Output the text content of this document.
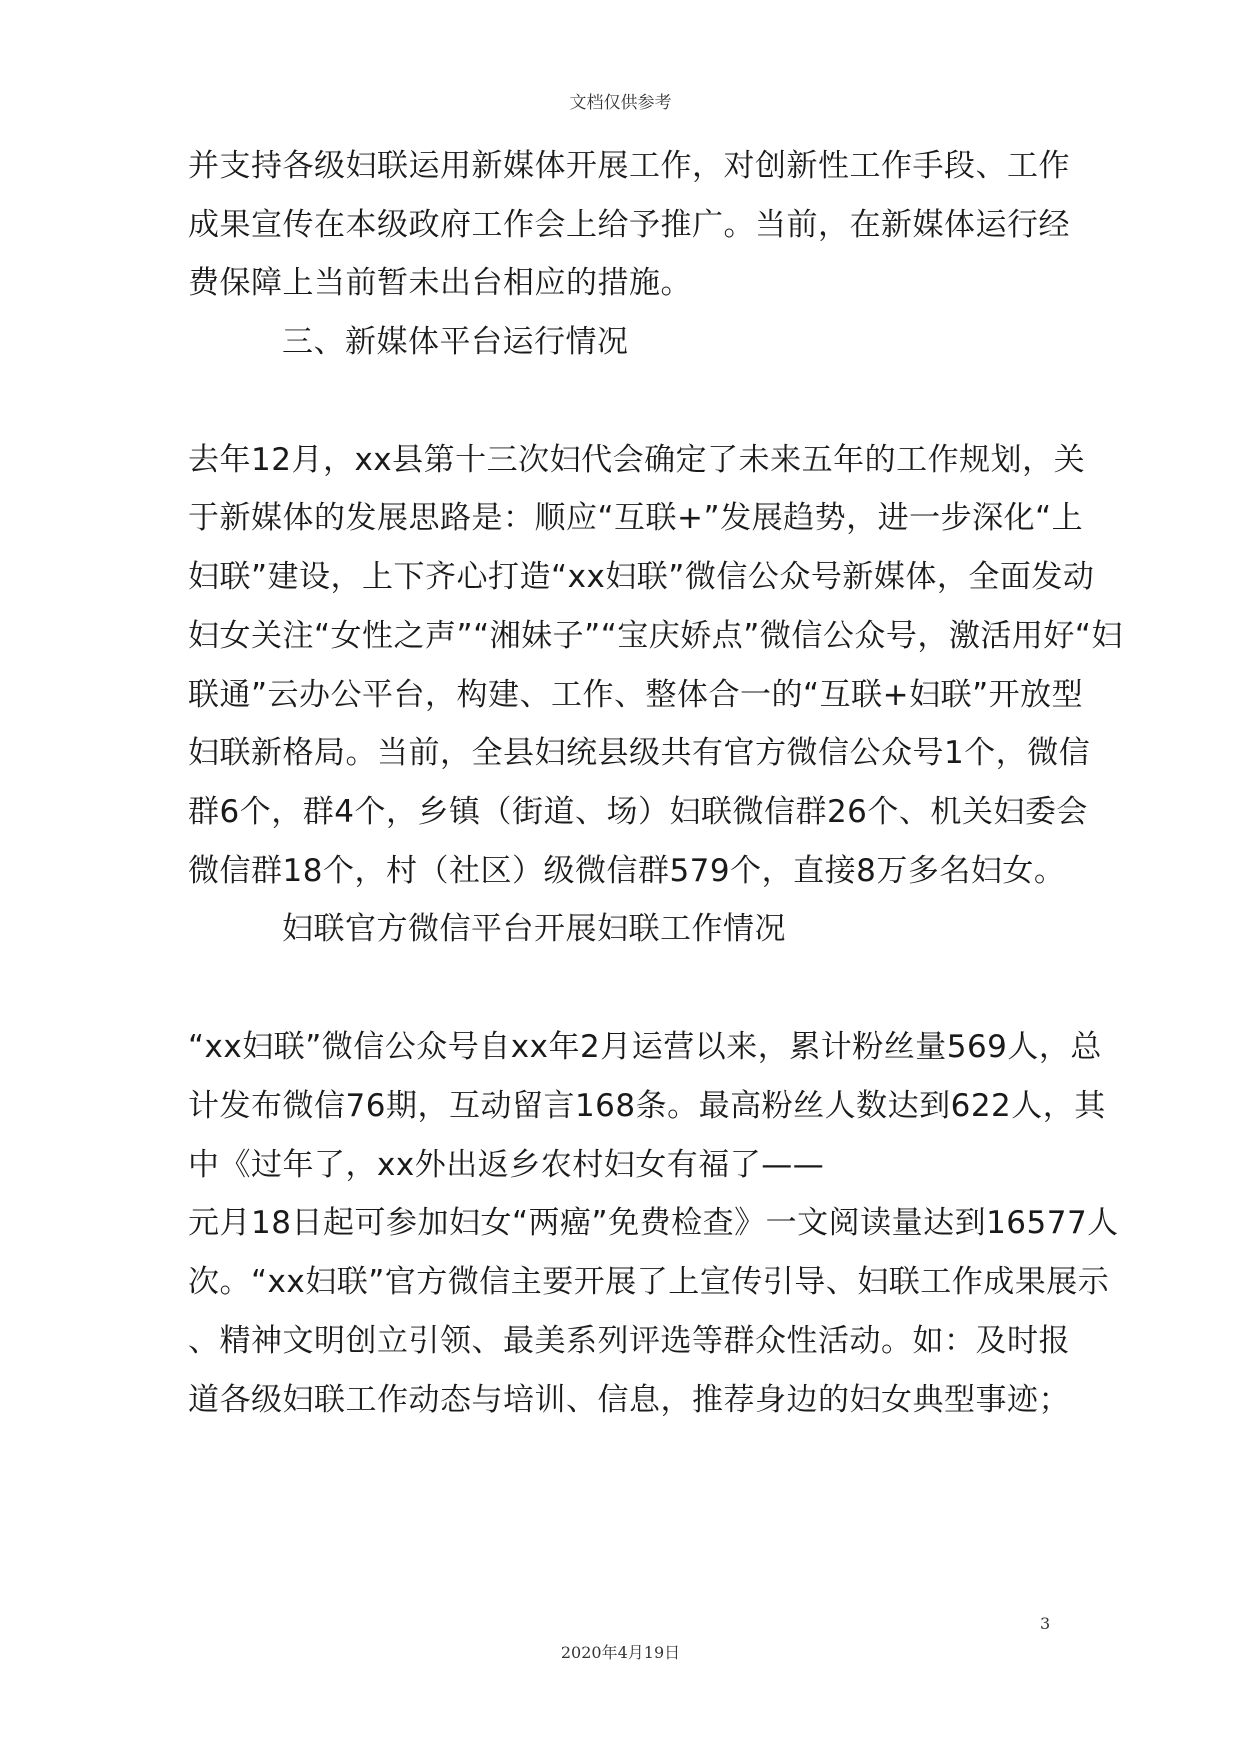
文档仅供参考
并支持各级妇联运用新媒体开展工作，对创新性工作手段、工作
成果宣传在本级政府工作会上给予推广。当前，在新媒体运行经
费保障上当前暂未出台相应的措施。
三、新媒体平台运行情况
去年12月，xx县第十三次妇代会确定了未来五年的工作规划，关
于新媒体的发展思路是：顺应“互联+”发展趋势，进一步深化“上
妇联”建设，上下齐心打造“xx妇联”微信公众号新媒体，全面发动
妇女关注“女性之声”“湘妹子”“宝庆娇点”微信公众号，激活用好“妇
联通”云办公平台，构建、工作、整体合一的“互联+妇联”开放型
妇联新格局。当前，全县妇统县级共有官方微信公众号1个，微信
群6个，群4个，乡镇（街道、场）妇联微信群26个、机关妇委会
微信群18个，村（社区）级微信群579个，直接8万多名妇女。
妇联官方微信平台开展妇联工作情况
“xx妇联”微信公众号自xx年2月运营以来，累计粉丝量569人，总
计发布微信76期，互动留言168条。最高粉丝人数达到622人，其
中《过年了，xx外出返乡农村妇女有福了——
元月18日起可参加妇女“两癌”免费检查》一文阅读量达到16577人
次。“xx妇联”官方微信主要开展了上宣传引导、妇联工作成果展示
、精神文明创立引领、最美系列评选等群众性活动。如：及时报
道各级妇联工作动态与培训、信息，推荐身边的妇女典型事迹；
3
2020年4月19日
